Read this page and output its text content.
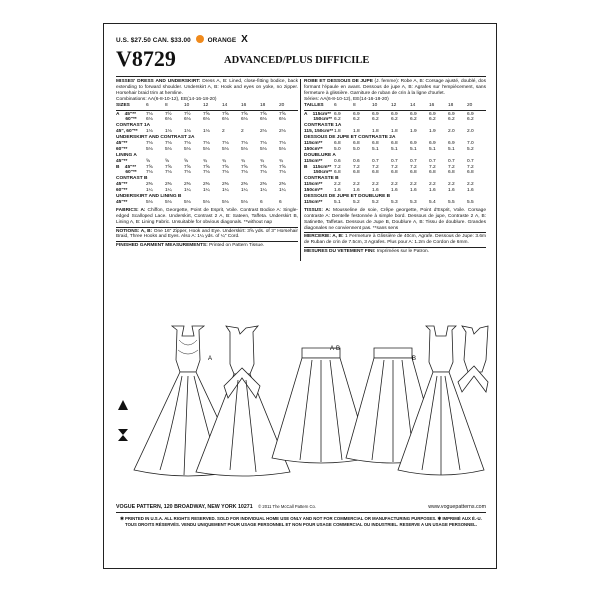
U.S. $27.50 CAN. $33.00	ORANGE X
V8729	ADVANCED/PLUS DIFFICILE

MISSES' DRESS AND UNDERSKIRT: Dress A, B: Lined, close-fitting bodice, back extending to forward shoulder. Underskirt A, B: Hook and eyes on yoke, no zipper. Horsehair braid trim at hemline.

Combinations: AA(6-8-10-12), EE(14-16-18-20)
SIZES	6	8	10	12	14	16	18	20
A    45"**	7⅛	7½	7½	7⅝	7⅝	7⅝	7⅝	7⅝
60"**	6⅛	6⅛	6⅛	6⅛	6⅛	6⅛	6⅛	6⅛
CONTRAST 1A
45", 60"**	1⅛	1⅛	1⅛	1⅛	2	2	2⅛	2⅛
UNDERSKIRT AND CONTRAST 2A
45"**	7⅛	7⅛	7⅛	7⅛	7⅛	7⅛	7⅛	7⅛
60"**	5⅛	5⅛	5⅛	5⅛	5⅛	5⅛	5⅛	5⅛
LINING A
45"**	⅝	⅝	⅝	¾	¾	¾	¾	¾
B    45"**	7⅝	7⅝	7⅝	7⅝	7⅝	7⅝	7⅝	7⅝
60"**	7⅛	7⅛	7⅛	7⅛	7⅛	7⅛	7⅛	7⅛
CONTRAST B
45"**	2⅜	2⅜	2⅜	2⅜	2⅜	2⅜	2⅜	2⅜
60"**	1¼	1¼	1¼	1¼	1¼	1¼	1¼	1¼
UNDERSKIRT AND LINING B
45"**	5⅛	5⅛	5⅛	5⅛	5⅛	5⅛	6	6

FABRICS: A: Chiffon, Georgette, Point de Esprit, Voile. Contrast Bodice A: Single-edged Scalloped Lace. Underskirt, Contrast 2 A, B: Sateen, Taffeta. Underskirt B, Lining A, B: Lining Fabric. Unsuitable for obvious diagonals. **without nap

NOTIONS: A, B: One 16" Zipper, Hook and Eye. Underskirt: 3⅝ yds. of 3" Horsehair Braid, Three Hooks and Eyes. Also A: 1¼ yds. of ¼" Cord.

FINISHED GARMENT MEASUREMENTS: Printed on Pattern Tissue.

ROBE ET DESSOUS DE JUPE (J. femme): Robe A, B: Corsage ajusté, doublé, dos formant l'épaule en avant. Dessous de jupe A, B: Agrafes sur l'empiècement, sans fermeture à glissière. Garniture de ruban de crin à la ligne d'ourlet.

Séries: AA(6-8-10-12), EE(14-16-18-20)
TAILLES	6	8	10	12	14	16	18	20
A    115cm** 6.9	6.9	6.9	6.9	6.9	6.9	6.9	6.9
150cm** 6.2	6.2	6.2	6.2	6.2	6.2	6.2	6.2
CONTRASTE 1A
115, 150cm** 1.8	1.8	1.8	1.8	1.9	1.9	2.0	2.0
DESSOUS DE JUPE ET CONTRASTE 2A
115cm**	6.8	6.8	6.8	6.8	6.9	6.9	6.9	7.0
150cm**	5.0	5.0	5.1	5.1	5.1	5.1	5.1	5.2
DOUBLURE A
115cm**	0.6	0.6	0.7	0.7	0.7	0.7	0.7	0.7
B    115cm** 7.2	7.2	7.2	7.2	7.2	7.2	7.2	7.2
150cm** 6.8	6.8	6.8	6.8	6.8	6.8	6.8	6.8
CONTRASTE B
115cm**	2.2	2.2	2.2	2.2	2.2	2.2	2.2	2.2
150cm**	1.6	1.6	1.6	1.6	1.6	1.6	1.6	1.6
DESSOUS DE JUPE ET DOUBLURE B
115cm**	5.1	5.2	5.2	5.3	5.3	5.4	5.5	5.5

TISSUS: A: Mousseline de soie, Crêpe georgette, Point d'Esprit, Voile. Corsage contraste A: Dentelle festonnée à simple bord. Dessous de jupe, Contraste 2 A, B: Satinette, Taffetas. Dessous de Jupe B, Doublure A, B: Tissu de doublure. Grandes diagonales ne conviennent pas. **sans sens

MERCERIE: A, B: 1 Fermeture à Glissière de 40cm, Agrafe. Dessous de Jupe: 3.6m de Ruban de crin de 7.5cm, 3 Agrafes. Plus pour A: 1.2m de Cordon de 6mm.

MESURES DU VETEMENT FINI: Imprimées sur le Patron.

A
A-B
B
VOGUE PATTERN, 120 BROADWAY, NEW YORK 10271 © 2011 The McCall Pattern Co.	www.voguepatterns.com
✱ PRINTED IN U.S.A. ALL RIGHTS RESERVED. SOLD FOR INDIVIDUAL HOME USE ONLY AND NOT FOR COMMERCIAL OR MANUFACTURING PURPOSES. ✱ IMPRIMÉ AUX É.-U. TOUS DROITS RÉSERVÉS. VENDU UNIQUEMENT POUR USAGE PERSONNEL ET NON POUR USAGE COMMERCIAL OU INDUSTRIEL. RESERVE A UN USAGE PERSONNEL.
